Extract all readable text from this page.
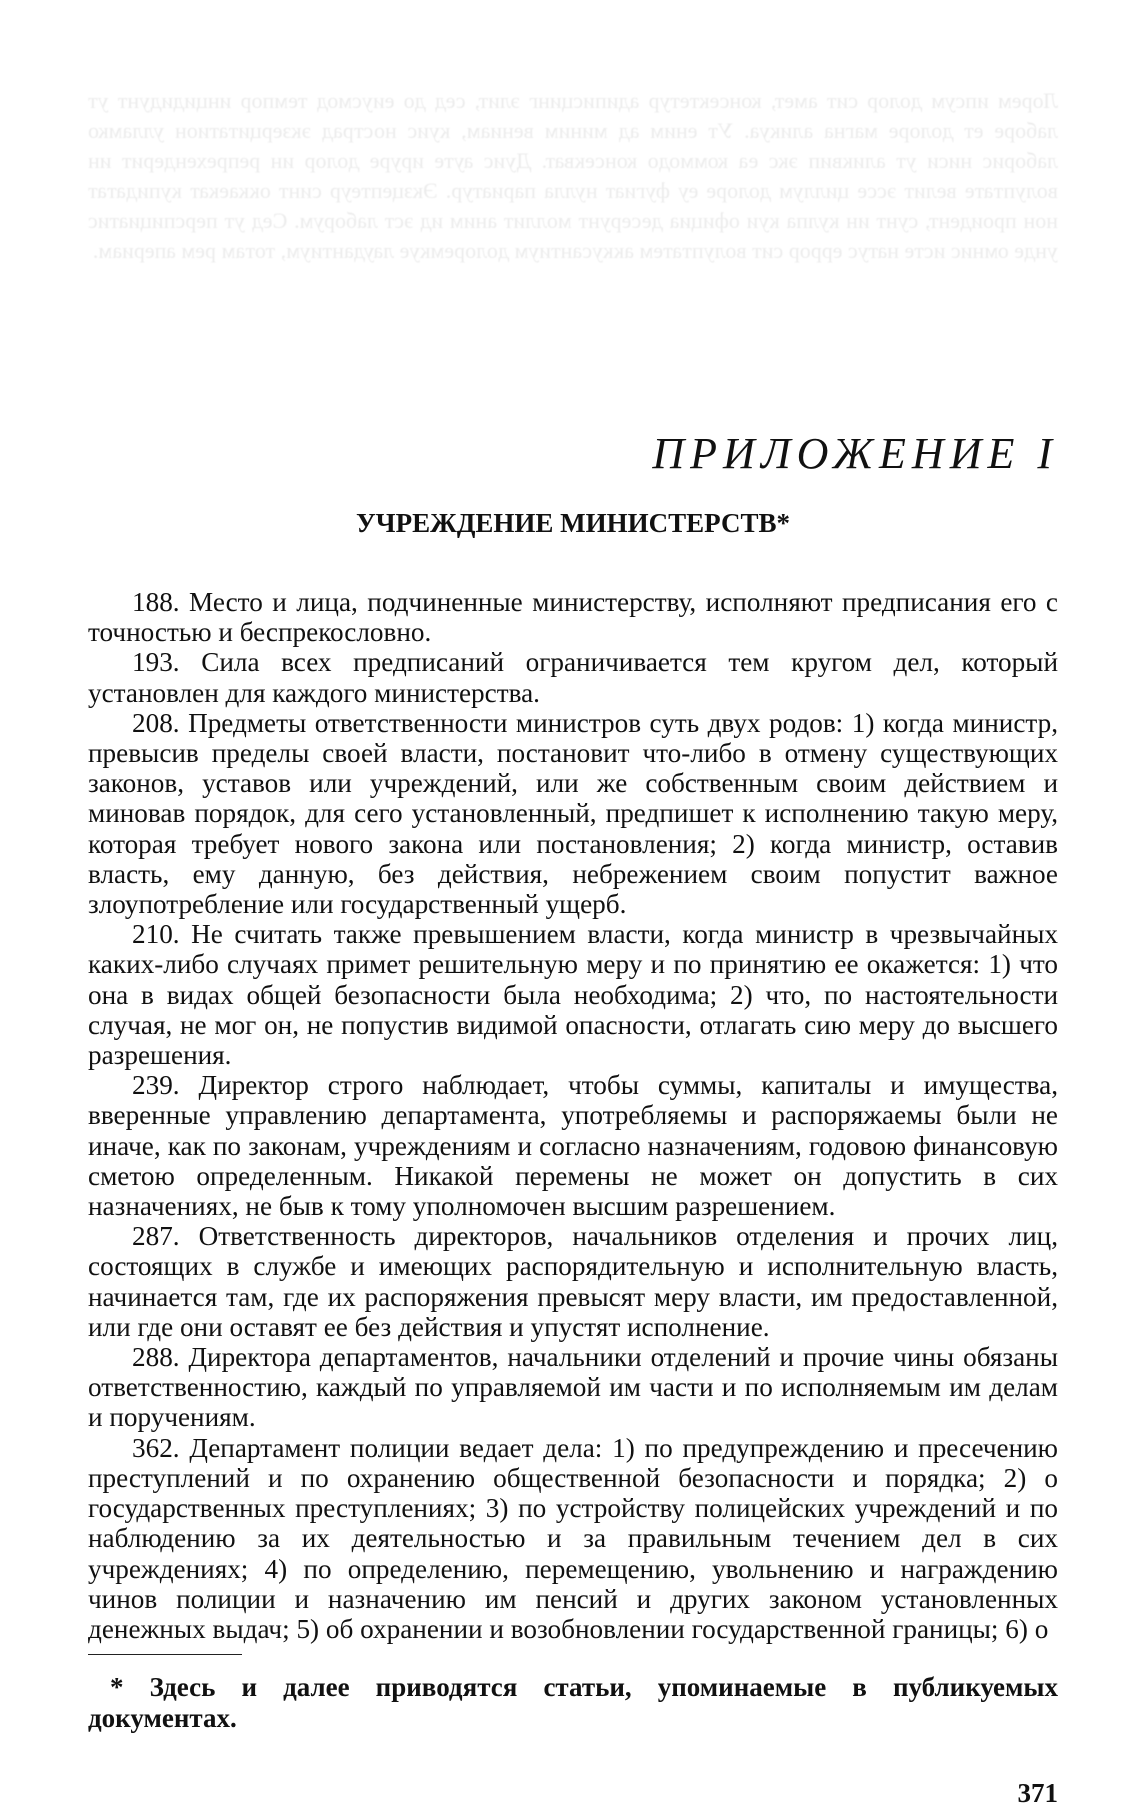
Лорем ипсум долор сит амет, консектетур адиписцинг элит, сед до еиусмод темпор инцидидунт ут лаборе ет долоре магна аликуа. Ут еним ад миним вениам, куис нострад экзерцитатион улламко лаборис ниси ут аликвип экс еа коммодо консекват. Дуис ауте ируре долор ин репрехендерит ин волуптате велит эссе циллум долоре еу фугиат нулла париатур. Экзцептеур синт оккаекат купидатат нон проидент, сунт ин кулпа куи официа десерунт моллит аним ид эст лаборум. Сед ут перспициатис унде омнис исте натус еррор сит волуптатем аккусантиум долоремкуе лаудантиум, тотам рем апериам.

ПРИЛОЖЕНИЕ I
УЧРЕЖДЕНИЕ МИНИСТЕРСТВ*

188. Место и лица, подчиненные министерству, исполняют предписания его с точностью и беспрекословно.

193. Сила всех предписаний ограничивается тем кругом дел, который установлен для каждого министерства.

208. Предметы ответственности министров суть двух родов: 1) когда министр, превысив пределы своей власти, постановит что-либо в отмену существующих законов, уставов или учреждений, или же собственным своим действием и миновав порядок, для сего установленный, предпишет к исполнению такую меру, которая требует нового закона или постановления; 2) когда министр, оставив власть, ему данную, без действия, небрежением своим попустит важное злоупотребление или государственный ущерб.

210. Не считать также превышением власти, когда министр в чрезвычайных каких-либо случаях примет решительную меру и по принятию ее окажется: 1) что она в видах общей безопасности была необходима; 2) что, по настоятельности случая, не мог он, не попустив видимой опасности, отлагать сию меру до высшего разрешения.

239. Директор строго наблюдает, чтобы суммы, капиталы и имущества, вверенные управлению департамента, употребляемы и распоряжаемы были не иначе, как по законам, учреждениям и согласно назначениям, годовою финансовую сметою определенным. Никакой перемены не может он допустить в сих назначениях, не быв к тому уполномочен высшим разрешением.

287. Ответственность директоров, начальников отделения и прочих лиц, состоящих в службе и имеющих распорядительную и исполнительную власть, начинается там, где их распоряжения превысят меру власти, им предоставленной, или где они оставят ее без действия и упустят исполнение.

288. Директора департаментов, начальники отделений и прочие чины обязаны ответственностию, каждый по управляемой им части и по исполняемым им делам и поручениям.

362. Департамент полиции ведает дела: 1) по предупреждению и пресечению преступлений и по охранению общественной безопасности и порядка; 2) о государственных преступлениях; 3) по устройству полицейских учреждений и по наблюдению за их деятельностью и за правильным течением дел в сих учреждениях; 4) по определению, перемещению, увольнению и награждению чинов полиции и назначению им пенсий и других законом установленных денежных выдач; 5) об охранении и возобновлении государственной границы; 6) о

* Здесь и далее приводятся статьи, упоминаемые в публикуемых документах.
371
